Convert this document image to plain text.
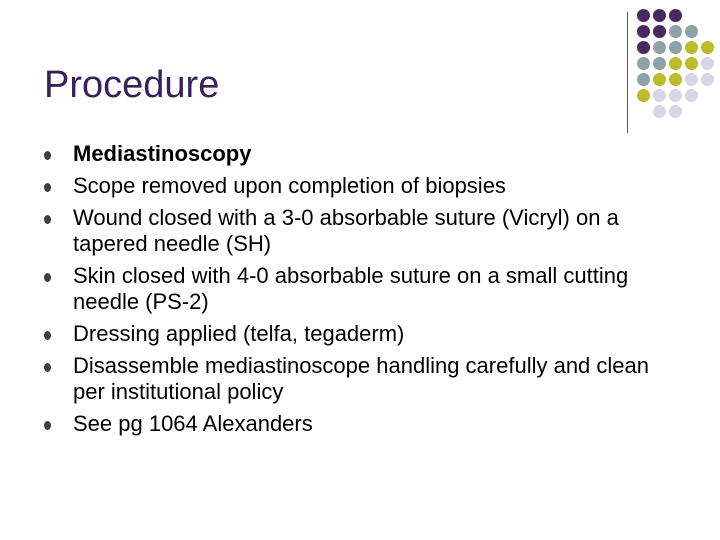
Procedure
Mediastinoscopy
Scope removed upon completion of biopsies
Wound closed with a 3-0 absorbable suture (Vicryl) on a tapered needle (SH)
Skin closed with 4-0 absorbable suture on a small cutting needle (PS-2)
Dressing applied (telfa, tegaderm)
Disassemble mediastinoscope handling carefully and clean per institutional policy
See pg 1064 Alexanders
